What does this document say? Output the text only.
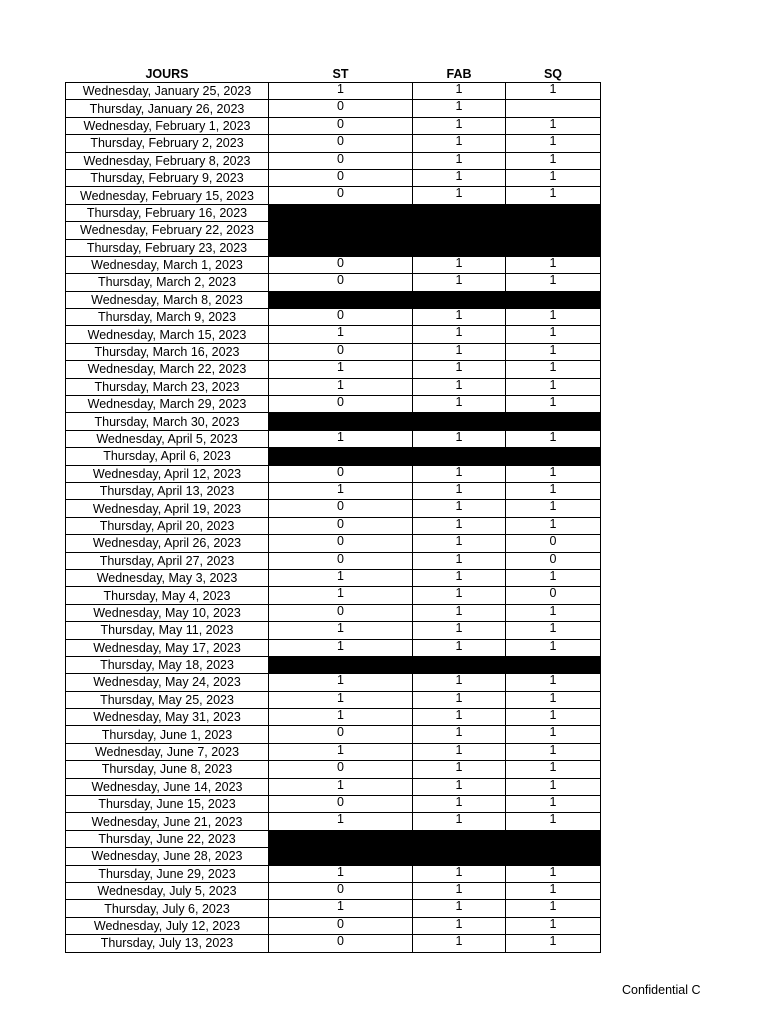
JOURS	ST	FAB	SQ
Wednesday, January 25, 2023	1	1	1
Thursday, January 26, 2023	0	1	
Wednesday, February 1, 2023	0	1	1
Thursday, February 2, 2023	0	1	1
Wednesday, February 8, 2023	0	1	1
Thursday, February 9, 2023	0	1	1
Wednesday, February 15, 2023	0	1	1
Thursday, February 16, 2023			
Wednesday, February 22, 2023			
Thursday, February 23, 2023			
Wednesday, March 1, 2023	0	1	1
Thursday, March 2, 2023	0	1	1
Wednesday, March 8, 2023			
Thursday, March 9, 2023	0	1	1
Wednesday, March 15, 2023	1	1	1
Thursday, March 16, 2023	0	1	1
Wednesday, March 22, 2023	1	1	1
Thursday, March 23, 2023	1	1	1
Wednesday, March 29, 2023	0	1	1
Thursday, March 30, 2023			
Wednesday, April 5, 2023	1	1	1
Thursday, April 6, 2023			
Wednesday, April 12, 2023	0	1	1
Thursday, April 13, 2023	1	1	1
Wednesday, April 19, 2023	0	1	1
Thursday, April 20, 2023	0	1	1
Wednesday, April 26, 2023	0	1	0
Thursday, April 27, 2023	0	1	0
Wednesday, May 3, 2023	1	1	1
Thursday, May 4, 2023	1	1	0
Wednesday, May 10, 2023	0	1	1
Thursday, May 11, 2023	1	1	1
Wednesday, May 17, 2023	1	1	1
Thursday, May 18, 2023			
Wednesday, May 24, 2023	1	1	1
Thursday, May 25, 2023	1	1	1
Wednesday, May 31, 2023	1	1	1
Thursday, June 1, 2023	0	1	1
Wednesday, June 7, 2023	1	1	1
Thursday, June 8, 2023	0	1	1
Wednesday, June 14, 2023	1	1	1
Thursday, June 15, 2023	0	1	1
Wednesday, June 21, 2023	1	1	1
Thursday, June 22, 2023			
Wednesday, June 28, 2023			
Thursday, June 29, 2023	1	1	1
Wednesday, July 5, 2023	0	1	1
Thursday, July 6, 2023	1	1	1
Wednesday, July 12, 2023	0	1	1
Thursday, July 13, 2023	0	1	1
Confidential C
